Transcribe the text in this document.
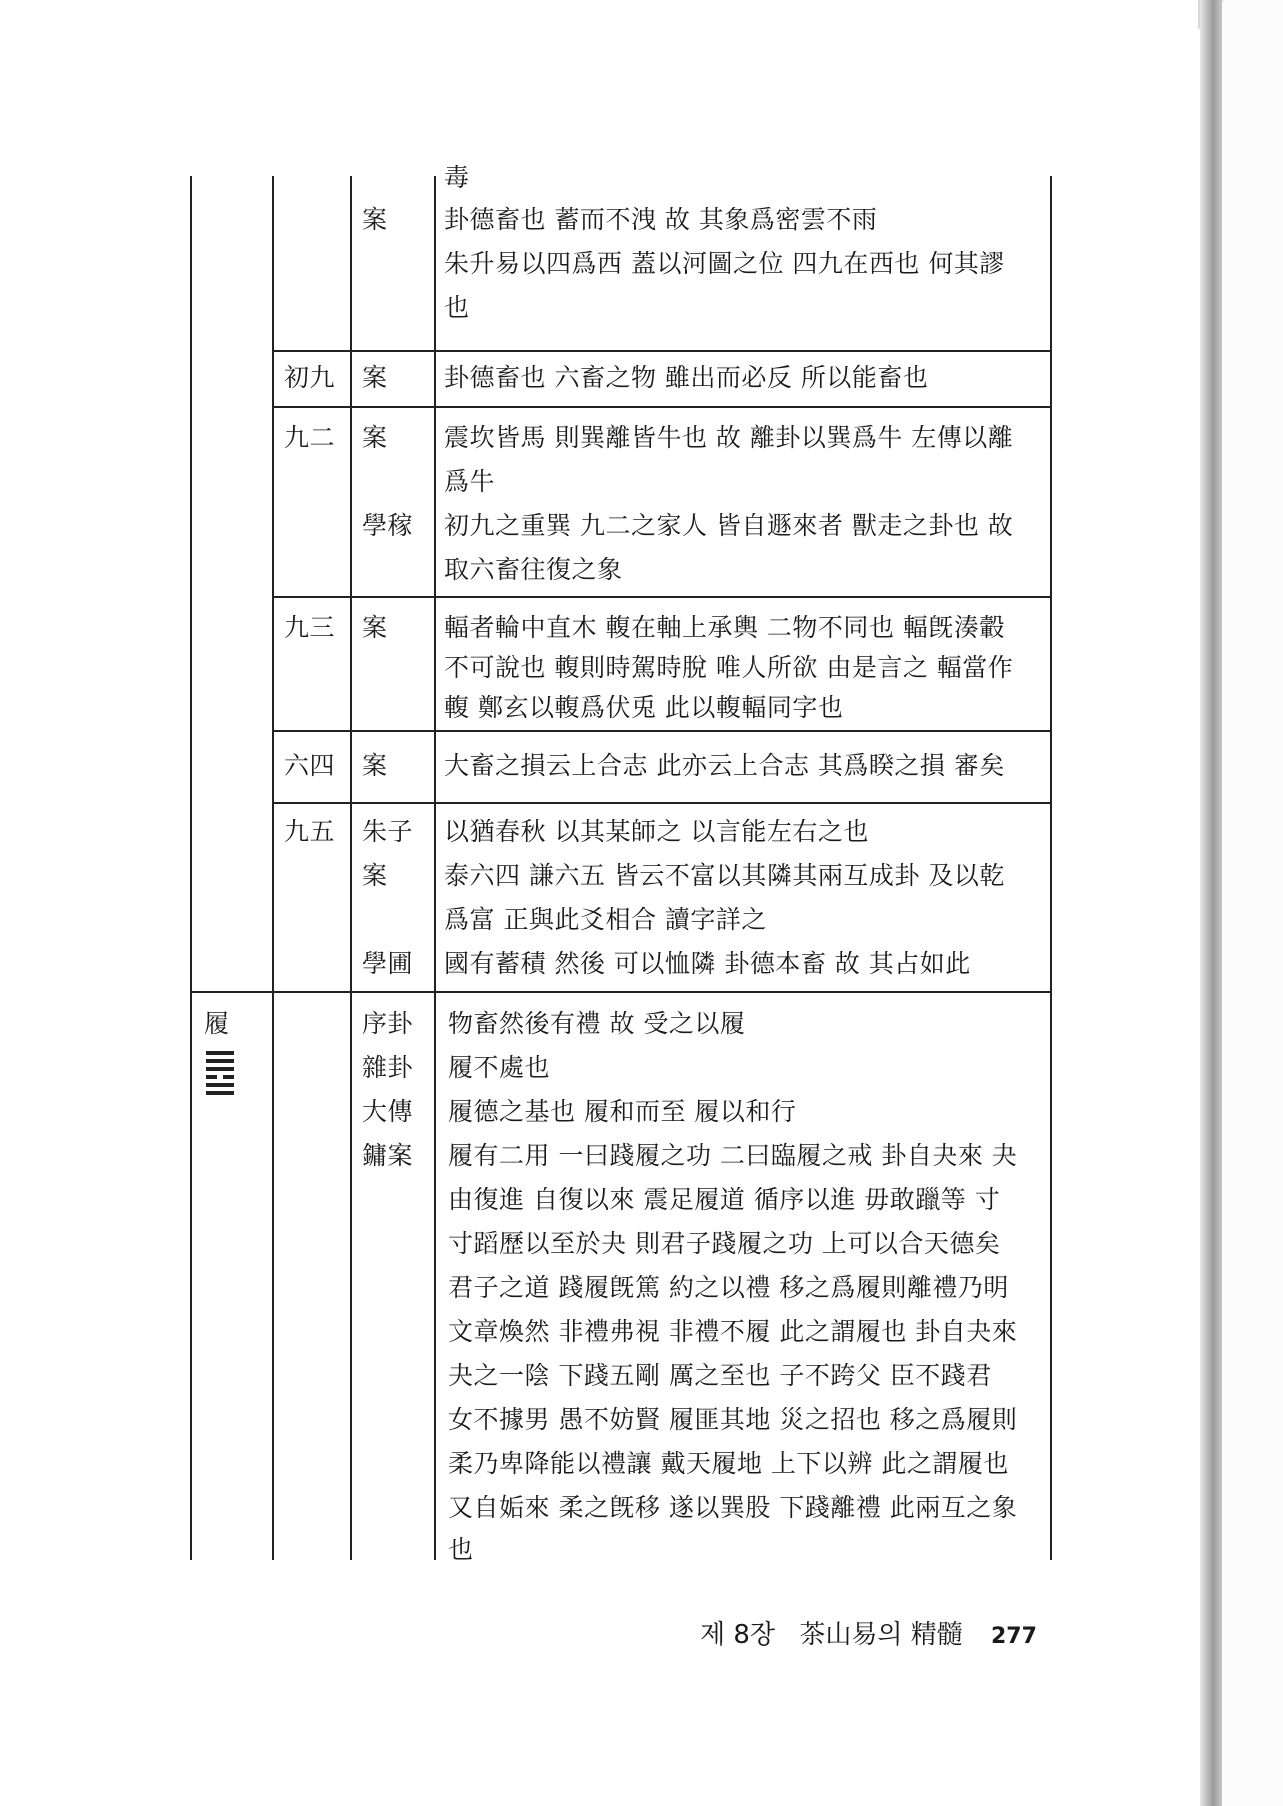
毒
案 卦德畜也 蓄而不洩 故 其象爲密雲不雨
朱升易以四爲西 蓋以河圖之位 四九在西也 何其謬
也
初九 案 卦德畜也 六畜之物 雖出而必反 所以能畜也
九二 案 震坎皆馬 則巽離皆牛也 故 離卦以巽爲牛 左傳以離
爲牛
學稼 初九之重巽 九二之家人 皆自遯來者 獸走之卦也 故
取六畜往復之象
九三 案 輻者輪中直木 輹在軸上承輿 二物不同也 輻旣湊轂
不可說也 輹則時駕時脫 唯人所欲 由是言之 輻當作
輹 鄭玄以輹爲伏兎 此以輹輻同字也
六四 案 大畜之損云上合志 此亦云上合志 其爲睽之損 審矣
九五 朱子 以猶春秋 以其某師之 以言能左右之也
案 泰六四 謙六五 皆云不富以其隣其兩互成卦 及以乾
爲富 正與此爻相合 讀字詳之
學圃 國有蓄積 然後 可以恤隣 卦德本畜 故 其占如此
履	序卦 物畜然後有禮 故 受之以履
雜卦 履不處也
大傳 履德之基也 履和而至 履以和行
鏞案 履有二用 一曰踐履之功 二曰臨履之戒 卦自夬來 夬
由復進 自復以來 震足履道 循序以進 毋敢躐等 寸
寸蹈歷以至於夬 則君子踐履之功 上可以合天德矣
君子之道 踐履旣篤 約之以禮 移之爲履則離禮乃明
文章煥然 非禮弗視 非禮不履 此之謂履也 卦自夬來
夬之一陰 下踐五剛 厲之至也 子不跨父 臣不踐君
女不據男 愚不妨賢 履匪其地 災之招也 移之爲履則
柔乃卑降能以禮讓 戴天履地 上下以辨 此之謂履也
又自姤來 柔之旣移 遂以巽股 下踐離禮 此兩互之象
也
제 8장 茶山易의 精髓 277
